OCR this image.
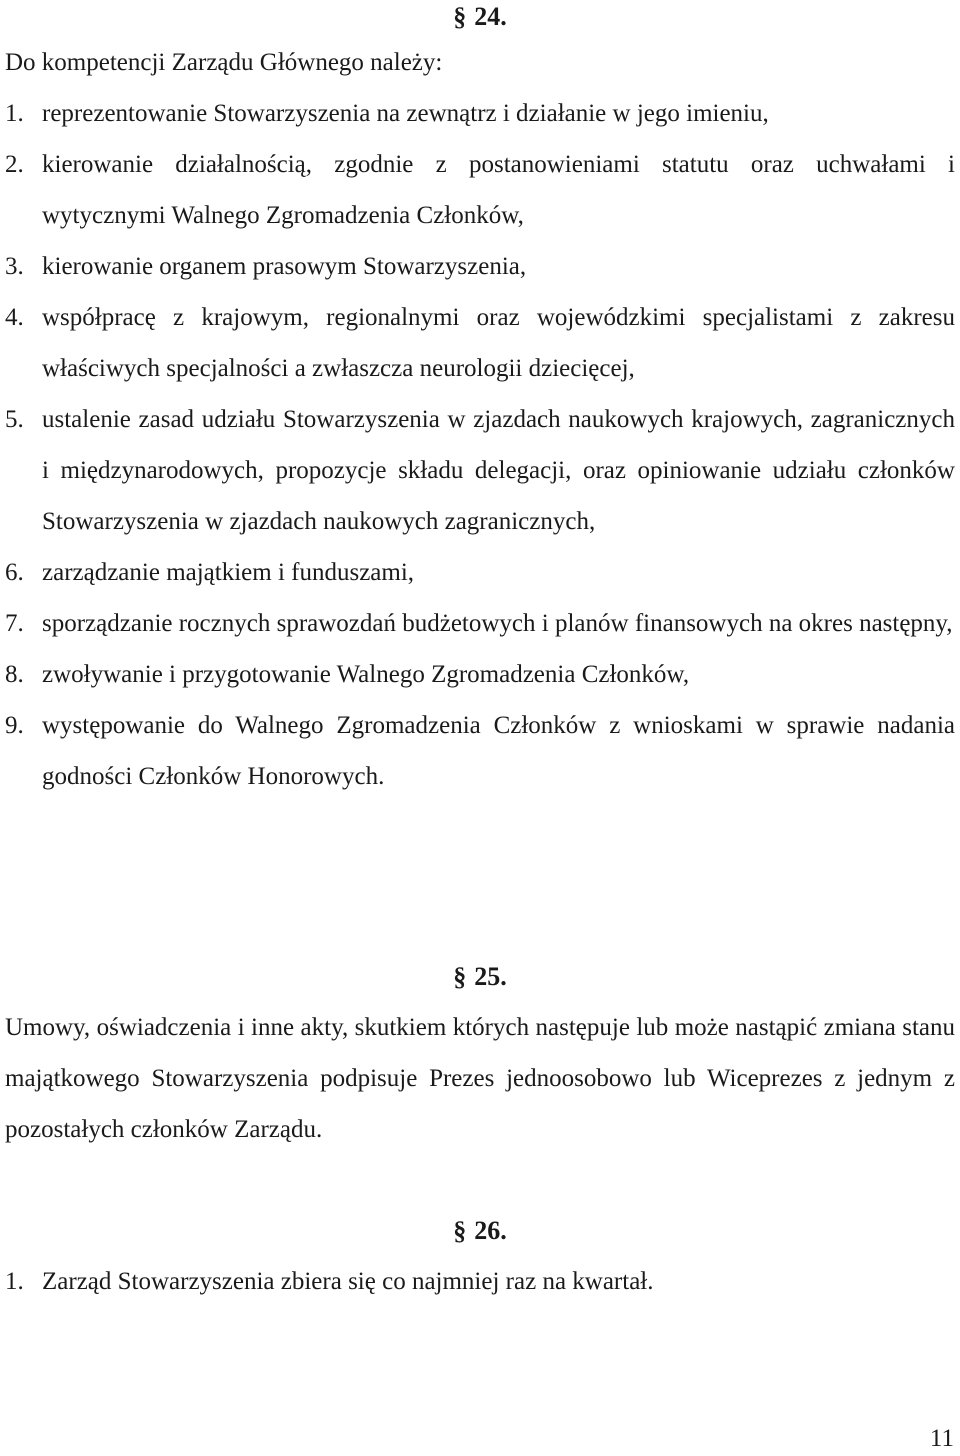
§ 24.
Do kompetencji Zarządu Głównego należy:
1. reprezentowanie Stowarzyszenia na zewnątrz i działanie w jego imieniu,
2. kierowanie działalnością, zgodnie z postanowieniami statutu oraz uchwałami i wytycznymi Walnego Zgromadzenia Członków,
3. kierowanie organem prasowym Stowarzyszenia,
4. współpracę z krajowym, regionalnymi oraz wojewódzkimi specjalistami z zakresu właściwych specjalności a zwłaszcza neurologii dziecięcej,
5. ustalenie zasad udziału Stowarzyszenia w zjazdach naukowych krajowych, zagranicznych i międzynarodowych, propozycje składu delegacji, oraz opiniowanie udziału członków Stowarzyszenia w zjazdach naukowych zagranicznych,
6. zarządzanie majątkiem i funduszami,
7. sporządzanie rocznych sprawozdań budżetowych i planów finansowych na okres następny,
8. zwoływanie i przygotowanie Walnego Zgromadzenia Członków,
9. występowanie do Walnego Zgromadzenia Członków z wnioskami w sprawie nadania godności Członków Honorowych.
§ 25.
Umowy, oświadczenia i inne akty, skutkiem których następuje lub może nastąpić zmiana stanu majątkowego Stowarzyszenia podpisuje Prezes jednoosobowo lub Wiceprezes z jednym z pozostałych członków Zarządu.
§ 26.
1. Zarząd Stowarzyszenia zbiera się co najmniej raz na kwartał.
11
